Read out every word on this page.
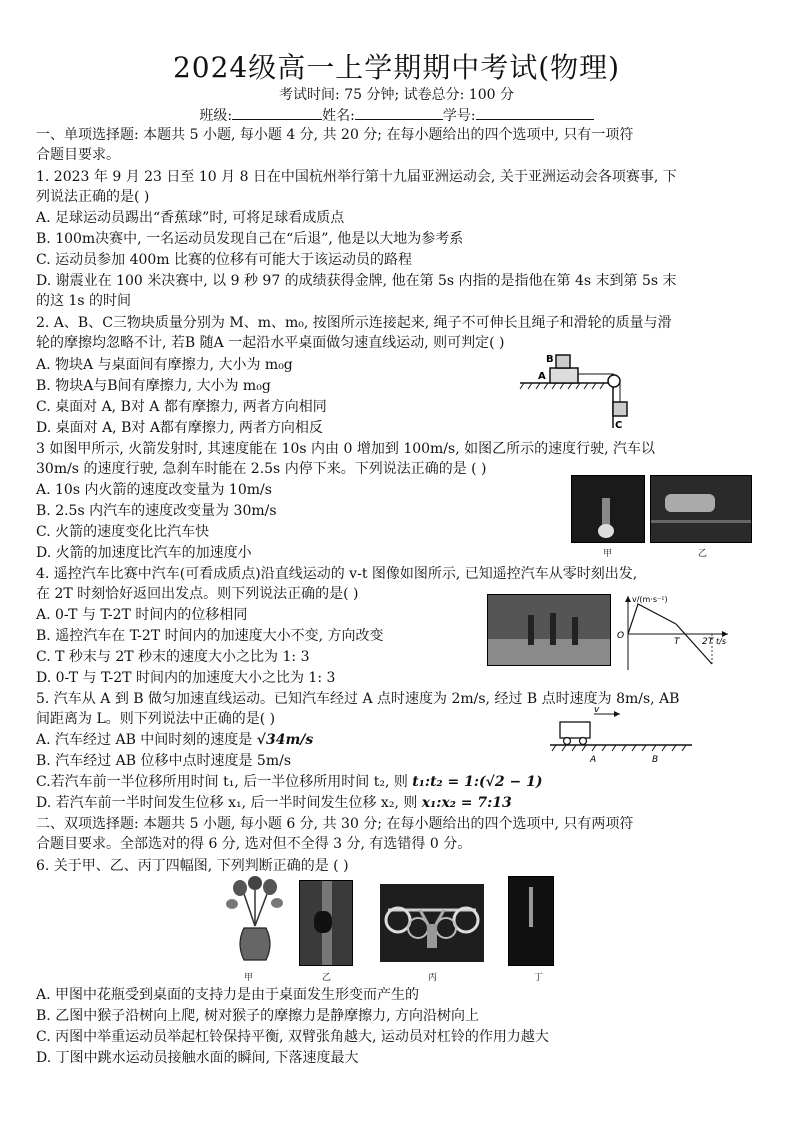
2024级高一上学期期中考试(物理)
考试时间: 75 分钟; 试卷总分: 100 分
班级:	姓名:	学号:
一、单项选择题: 本题共 5 小题, 每小题 4 分, 共 20 分; 在每小题给出的四个选项中, 只有一项符
合题目要求。
1. 2023 年 9 月 23 日至 10 月 8 日在中国杭州举行第十九届亚洲运动会, 关于亚洲运动会各项赛事, 下
列说法正确的是( )
A. 足球运动员踢出“香蕉球”时, 可将足球看成质点
B. 100m决赛中, 一名运动员发现自己在“后退”, 他是以大地为参考系
C. 运动员参加 400m 比赛的位移有可能大于该运动员的路程
D. 谢震业在 100 米决赛中, 以 9 秒 97 的成绩获得金牌, 他在第 5s 内指的是指他在第 4s 末到第 5s 末
的这 1s 的时间
2. A、B、C三物块质量分别为 M、m、m₀, 按图所示连接起来, 绳子不可伸长且绳子和滑轮的质量与滑
轮的摩擦均忽略不计, 若B 随A 一起沿水平桌面做匀速直线运动, 则可判定( )
A. 物块A 与桌面间有摩擦力, 大小为 m₀g
B. 物块A与B间有摩擦力, 大小为 m₀g
C. 桌面对 A, B对 A 都有摩擦力, 两者方向相同
D. 桌面对 A, B对 A都有摩擦力, 两者方向相反
B
A
C
3 如图甲所示, 火箭发射时, 其速度能在 10s 内由 0 增加到 100m/s, 如图乙所示的速度行驶, 汽车以
30m/s 的速度行驶, 急刹车时能在 2.5s 内停下来。下列说法正确的是 ( )
A. 10s 内火箭的速度改变量为 10m/s
B. 2.5s 内汽车的速度改变量为 30m/s
C. 火箭的速度变化比汽车快
D. 火箭的加速度比汽车的加速度小	甲	乙
4. 遥控汽车比赛中汽车(可看成质点)沿直线运动的 v-t 图像如图所示, 已知遥控汽车从零时刻出发,
在 2T 时刻恰好返回出发点。则下列说法正确的是( )
A. 0-T 与 T-2T 时间内的位移相同
B. 遥控汽车在 T-2T 时间内的加速度大小不变, 方向改变
C. T 秒末与 2T 秒末的速度大小之比为 1: 3
D. 0-T 与 T-2T 时间内的加速度大小之比为 1: 3
v/(m·s⁻¹)
O
T	2T t/s
5. 汽车从 A 到 B 做匀加速直线运动。已知汽车经过 A 点时速度为 2m/s, 经过 B 点时速度为 8m/s, AB
间距离为 L。则下列说法中正确的是( )
A. 汽车经过 AB 中间时刻的速度是 √34m/s
B. 汽车经过 AB 位移中点时速度是 5m/s
C.若汽车前一半位移所用时间 t₁, 后一半位移所用时间 t₂, 则 t₁:t₂ = 1:(√2 − 1)
D. 若汽车前一半时间发生位移 x₁, 后一半时间发生位移 x₂, 则 x₁:x₂ = 7:13
v
A	B
二、双项选择题: 本题共 5 小题, 每小题 6 分, 共 30 分; 在每小题给出的四个选项中, 只有两项符
合题目要求。全部选对的得 6 分, 选对但不全得 3 分, 有选错得 0 分。
6. 关于甲、乙、丙丁四幅图, 下列判断正确的是 ( )
甲	乙	丙	丁
A. 甲图中花瓶受到桌面的支持力是由于桌面发生形变而产生的
B. 乙图中猴子沿树向上爬, 树对猴子的摩擦力是静摩擦力, 方向沿树向上
C. 丙图中举重运动员举起杠铃保持平衡, 双臂张角越大, 运动员对杠铃的作用力越大
D. 丁图中跳水运动员接触水面的瞬间, 下落速度最大
